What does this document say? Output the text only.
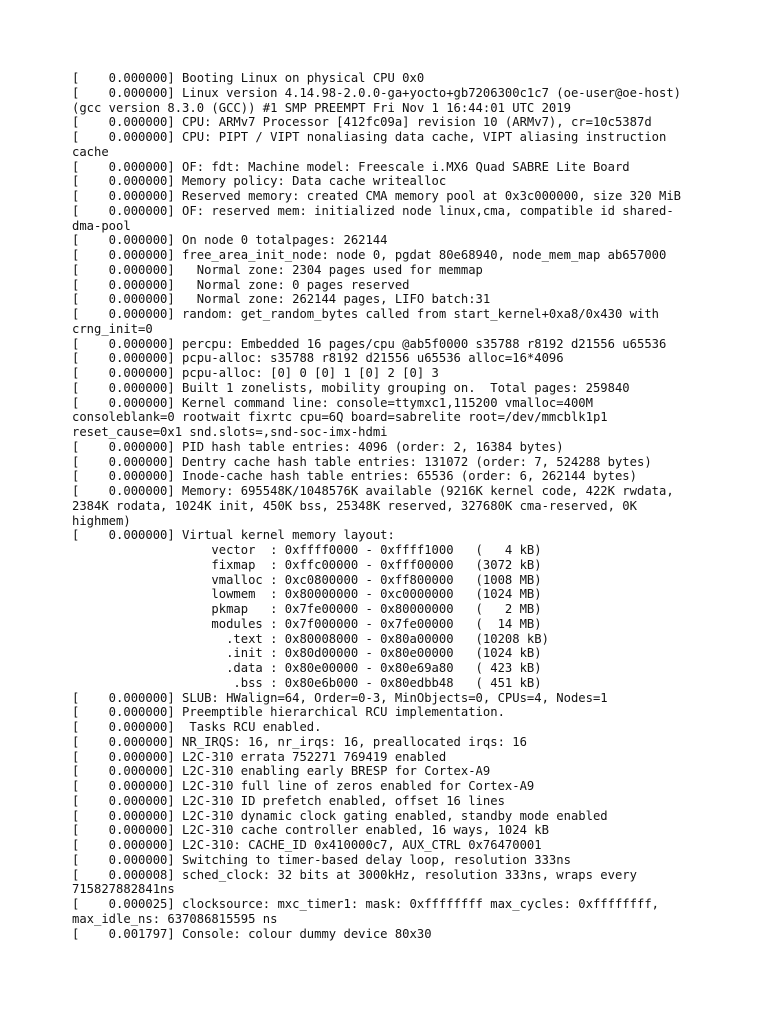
[    0.000000] Booting Linux on physical CPU 0x0
[    0.000000] Linux version 4.14.98-2.0.0-ga+yocto+gb7206300c1c7 (oe-user@oe-host)
(gcc version 8.3.0 (GCC)) #1 SMP PREEMPT Fri Nov 1 16:44:01 UTC 2019
[    0.000000] CPU: ARMv7 Processor [412fc09a] revision 10 (ARMv7), cr=10c5387d
[    0.000000] CPU: PIPT / VIPT nonaliasing data cache, VIPT aliasing instruction
cache
[    0.000000] OF: fdt: Machine model: Freescale i.MX6 Quad SABRE Lite Board
[    0.000000] Memory policy: Data cache writealloc
[    0.000000] Reserved memory: created CMA memory pool at 0x3c000000, size 320 MiB
[    0.000000] OF: reserved mem: initialized node linux,cma, compatible id shared-
dma-pool
[    0.000000] On node 0 totalpages: 262144
[    0.000000] free_area_init_node: node 0, pgdat 80e68940, node_mem_map ab657000
[    0.000000]   Normal zone: 2304 pages used for memmap
[    0.000000]   Normal zone: 0 pages reserved
[    0.000000]   Normal zone: 262144 pages, LIFO batch:31
[    0.000000] random: get_random_bytes called from start_kernel+0xa8/0x430 with
crng_init=0
[    0.000000] percpu: Embedded 16 pages/cpu @ab5f0000 s35788 r8192 d21556 u65536
[    0.000000] pcpu-alloc: s35788 r8192 d21556 u65536 alloc=16*4096
[    0.000000] pcpu-alloc: [0] 0 [0] 1 [0] 2 [0] 3
[    0.000000] Built 1 zonelists, mobility grouping on.  Total pages: 259840
[    0.000000] Kernel command line: console=ttymxc1,115200 vmalloc=400M
consoleblank=0 rootwait fixrtc cpu=6Q board=sabrelite root=/dev/mmcblk1p1
reset_cause=0x1 snd.slots=,snd-soc-imx-hdmi
[    0.000000] PID hash table entries: 4096 (order: 2, 16384 bytes)
[    0.000000] Dentry cache hash table entries: 131072 (order: 7, 524288 bytes)
[    0.000000] Inode-cache hash table entries: 65536 (order: 6, 262144 bytes)
[    0.000000] Memory: 695548K/1048576K available (9216K kernel code, 422K rwdata,
2384K rodata, 1024K init, 450K bss, 25348K reserved, 327680K cma-reserved, 0K
highmem)
[    0.000000] Virtual kernel memory layout:
vector  : 0xffff0000 - 0xffff1000   (   4 kB)
fixmap  : 0xffc00000 - 0xfff00000   (3072 kB)
vmalloc : 0xc0800000 - 0xff800000   (1008 MB)
lowmem  : 0x80000000 - 0xc0000000   (1024 MB)
pkmap   : 0x7fe00000 - 0x80000000   (   2 MB)
modules : 0x7f000000 - 0x7fe00000   (  14 MB)
.text : 0x80008000 - 0x80a00000   (10208 kB)
.init : 0x80d00000 - 0x80e00000   (1024 kB)
.data : 0x80e00000 - 0x80e69a80   ( 423 kB)
.bss : 0x80e6b000 - 0x80edbb48   ( 451 kB)
[    0.000000] SLUB: HWalign=64, Order=0-3, MinObjects=0, CPUs=4, Nodes=1
[    0.000000] Preemptible hierarchical RCU implementation.
[    0.000000]  Tasks RCU enabled.
[    0.000000] NR_IRQS: 16, nr_irqs: 16, preallocated irqs: 16
[    0.000000] L2C-310 errata 752271 769419 enabled
[    0.000000] L2C-310 enabling early BRESP for Cortex-A9
[    0.000000] L2C-310 full line of zeros enabled for Cortex-A9
[    0.000000] L2C-310 ID prefetch enabled, offset 16 lines
[    0.000000] L2C-310 dynamic clock gating enabled, standby mode enabled
[    0.000000] L2C-310 cache controller enabled, 16 ways, 1024 kB
[    0.000000] L2C-310: CACHE_ID 0x410000c7, AUX_CTRL 0x76470001
[    0.000000] Switching to timer-based delay loop, resolution 333ns
[    0.000008] sched_clock: 32 bits at 3000kHz, resolution 333ns, wraps every
715827882841ns
[    0.000025] clocksource: mxc_timer1: mask: 0xffffffff max_cycles: 0xffffffff,
max_idle_ns: 637086815595 ns
[    0.001797] Console: colour dummy device 80x30
